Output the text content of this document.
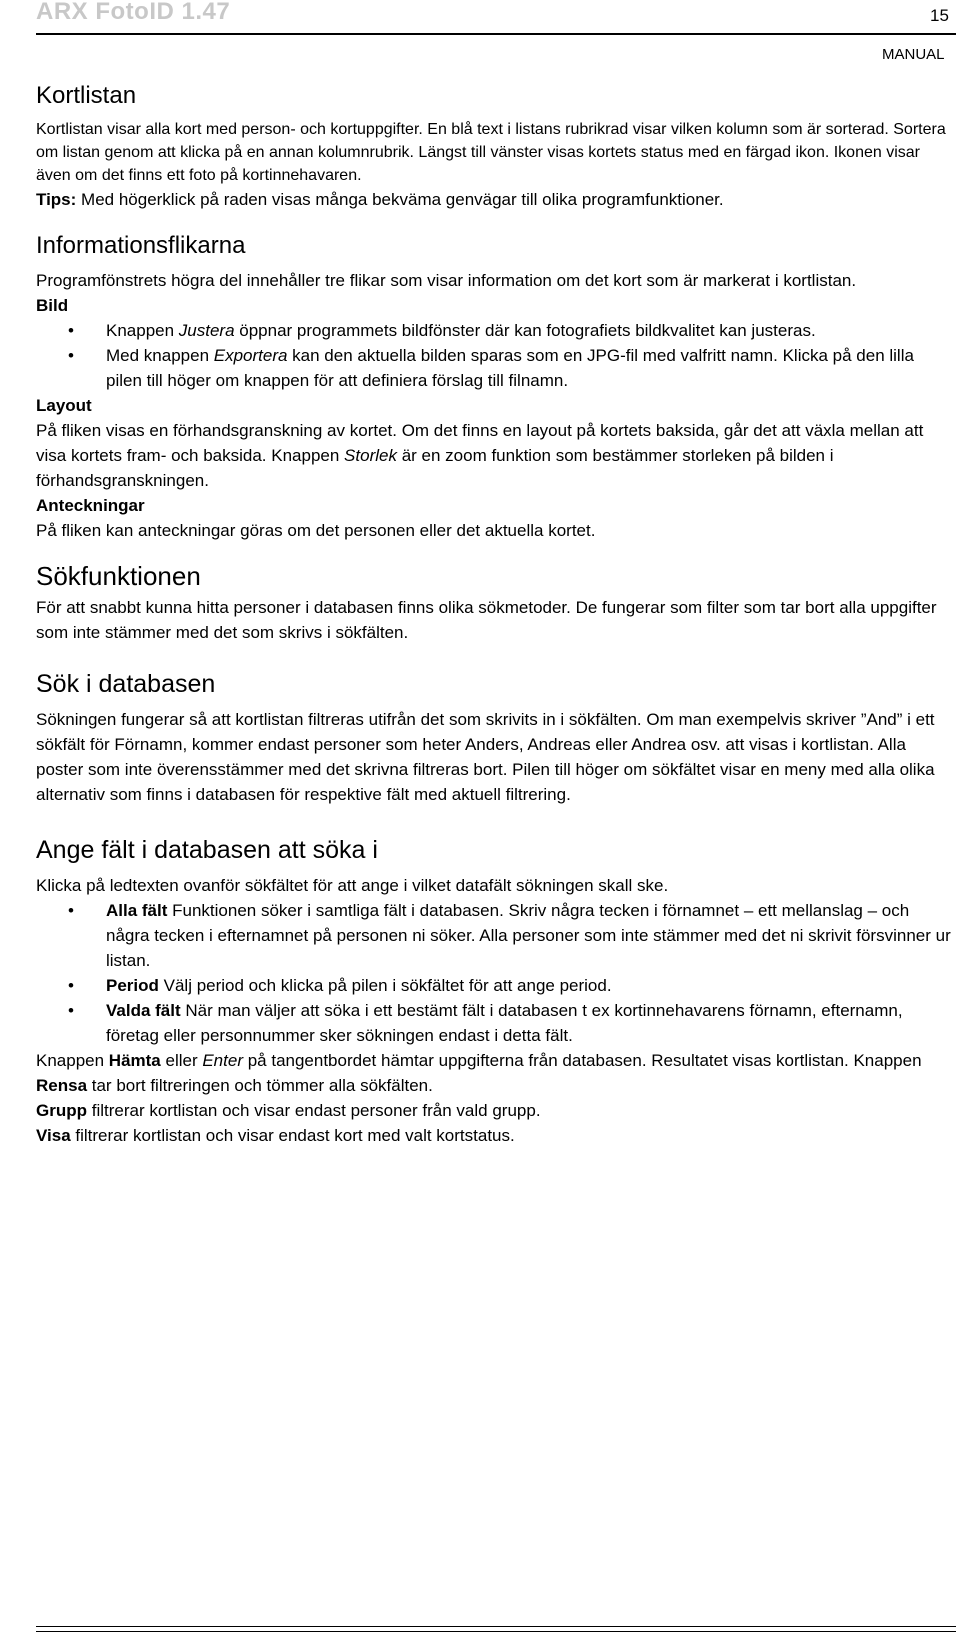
ARX FotoID 1.47	15
MANUAL
Kortlistan

Kortlistan visar alla kort med person- och kortuppgifter. En blå text i listans rubrikrad visar vilken kolumn som är sorterad. Sortera om listan genom att klicka på en annan kolumnrubrik. Längst till vänster visas kortets status med en färgad ikon. Ikonen visar även om det finns ett foto på kortinnehavaren.

Tips: Med högerklick på raden visas många bekväma genvägar till olika programfunktioner.

Informationsflikarna

Programfönstrets högra del innehåller tre flikar som visar information om det kort som är markerat i kortlistan.

Bild

• Knappen Justera öppnar programmets bildfönster där kan fotografiets bildkvalitet kan justeras.
• Med knappen Exportera kan den aktuella bilden sparas som en JPG-fil med valfritt namn. Klicka på den lilla pilen till höger om knappen för att definiera förslag till filnamn.

Layout

På fliken visas en förhandsgranskning av kortet. Om det finns en layout på kortets baksida, går det att växla mellan att visa kortets fram- och baksida. Knappen Storlek är en zoom funktion som bestämmer storleken på bilden i förhandsgranskningen.

Anteckningar

På fliken kan anteckningar göras om det personen eller det aktuella kortet.

Sökfunktionen

För att snabbt kunna hitta personer i databasen finns olika sökmetoder. De fungerar som filter som tar bort alla uppgifter som inte stämmer med det som skrivs i sökfälten.

Sök i databasen

Sökningen fungerar så att kortlistan filtreras utifrån det som skrivits in i sökfälten. Om man exempelvis skriver ”And” i ett sökfält för Förnamn, kommer endast personer som heter Anders, Andreas eller Andrea osv. att visas i kortlistan. Alla poster som inte överensstämmer med det skrivna filtreras bort. Pilen till höger om sökfältet visar en meny med alla olika alternativ som finns i databasen för respektive fält med aktuell filtrering.

Ange fält i databasen att söka i

Klicka på ledtexten ovanför sökfältet för att ange i vilket datafält sökningen skall ske.

• Alla fält Funktionen söker i samtliga fält i databasen. Skriv några tecken i förnamnet – ett mellanslag – och några tecken i efternamnet på personen ni söker. Alla personer som inte stämmer med det ni skrivit försvinner ur listan.
• Period Välj period och klicka på pilen i sökfältet för att ange period.
• Valda fält När man väljer att söka i ett bestämt fält i databasen t ex kortinnehavarens förnamn, efternamn, företag eller personnummer sker sökningen endast i detta fält.

Knappen Hämta eller Enter på tangentbordet hämtar uppgifterna från databasen. Resultatet visas kortlistan. Knappen Rensa tar bort filtreringen och tömmer alla sökfälten.

Grupp filtrerar kortlistan och visar endast personer från vald grupp.

Visa filtrerar kortlistan och visar endast kort med valt kortstatus.
